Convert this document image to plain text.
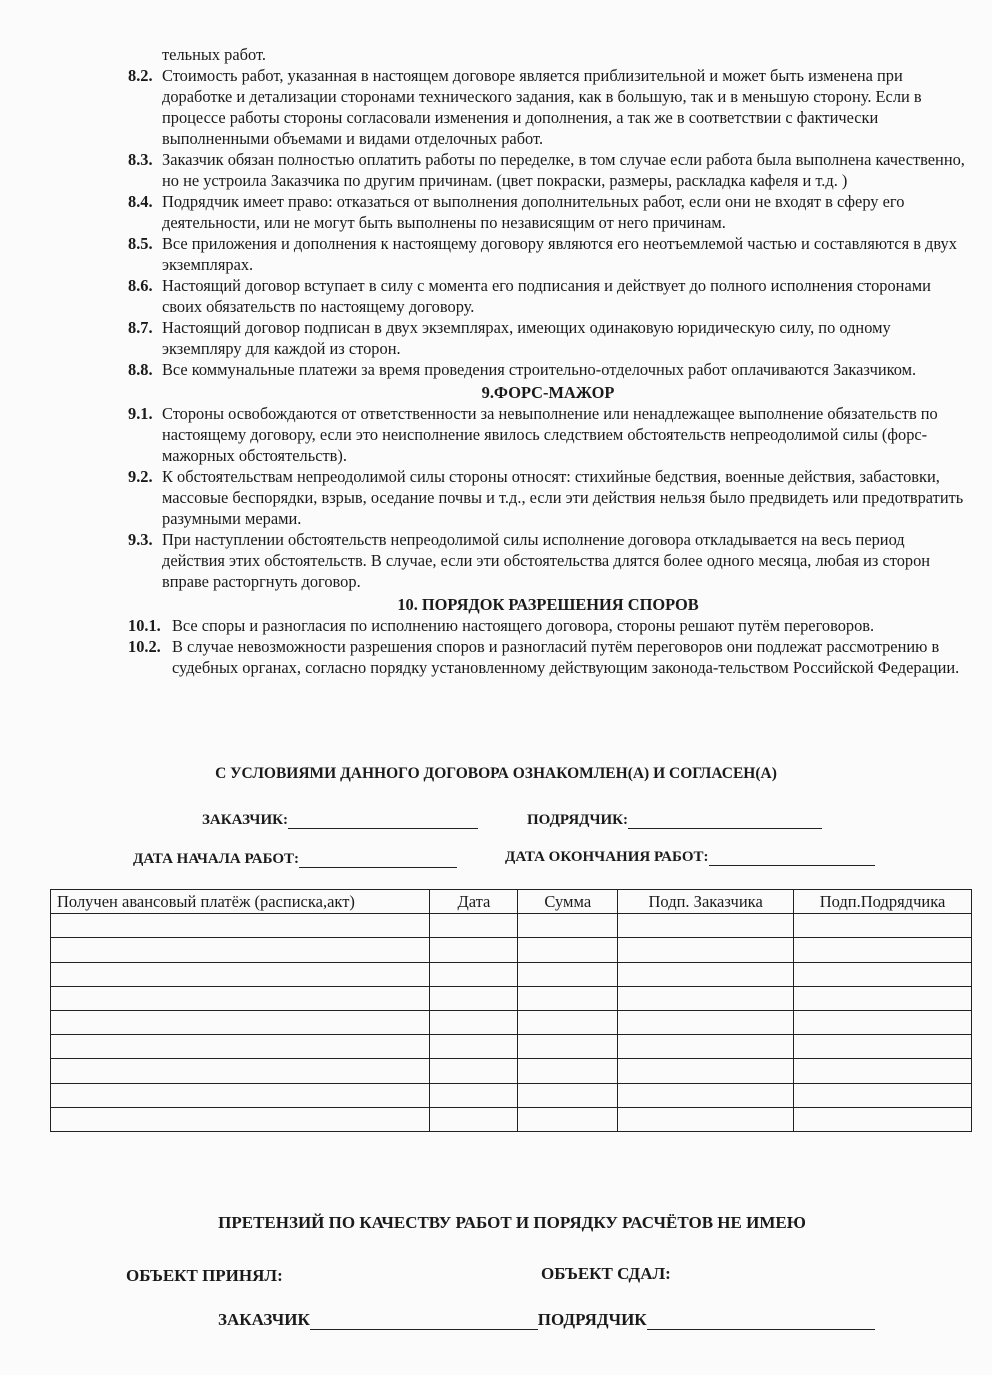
тельных работ.
8.2. Стоимость работ, указанная в настоящем договоре является приблизительной и может быть изменена при доработке и детализации сторонами технического задания, как в большую, так и в меньшую сторону. Если в процессе работы стороны согласовали изменения и дополнения, а так же в соответствии с фактически выполненными объемами и видами отделочных работ.
8.3. Заказчик обязан полностью оплатить работы по переделке, в том случае если работа была выполнена качественно, но не устроила Заказчика по другим причинам. (цвет покраски, размеры, раскладка кафеля и т.д. )
8.4. Подрядчик имеет право: отказаться от выполнения дополнительных работ, если они не входят в сферу его деятельности, или не могут быть выполнены по независящим от него причинам.
8.5. Все приложения и дополнения к настоящему договору являются его неотъемлемой частью и составляются в двух экземплярах.
8.6. Настоящий договор вступает в силу с момента его подписания и действует до полного исполнения сторонами своих обязательств по настоящему договору.
8.7. Настоящий договор подписан в двух экземплярах, имеющих одинаковую юридическую силу, по одному экземпляру для каждой из сторон.
8.8. Все коммунальные платежи за время проведения строительно-отделочных работ оплачиваются Заказчиком.
9.ФОРС-МАЖОР
9.1. Стороны освобождаются от ответственности за невыполнение или ненадлежащее выполнение обязательств по настоящему договору, если это неисполнение явилось следствием обстоятельств непреодолимой силы (форс-мажорных обстоятельств).
9.2. К обстоятельствам непреодолимой силы стороны относят: стихийные бедствия, военные действия, забастовки, массовые беспорядки, взрыв, оседание почвы и т.д., если эти действия нельзя было предвидеть или предотвратить разумными мерами.
9.3. При наступлении обстоятельств непреодолимой силы исполнение договора откладывается на весь период действия этих обстоятельств. В случае, если эти обстоятельства длятся более одного месяца, любая из сторон вправе расторгнуть договор.
10. ПОРЯДОК РАЗРЕШЕНИЯ СПОРОВ
10.1. Все споры и разногласия по исполнению настоящего договора, стороны решают путём переговоров.
10.2. В случае невозможности разрешения споров и разногласий путём переговоров они подлежат рассмотрению в судебных органах, согласно порядку установленному действующим законода-тельством Российской Федерации.
С УСЛОВИЯМИ ДАННОГО ДОГОВОРА ОЗНАКОМЛЕН(А) И СОГЛАСЕН(А)
ЗАКАЗЧИК:	ПОДРЯДЧИК:
ДАТА НАЧАЛА РАБОТ:	ДАТА ОКОНЧАНИЯ РАБОТ:
Получен авансовый платёж (расписка,акт)	Дата	Сумма	Подп. Заказчика	Подп.Подрядчика

ПРЕТЕНЗИЙ ПО КАЧЕСТВУ РАБОТ И ПОРЯДКУ РАСЧЁТОВ НЕ ИМЕЮ
ОБЪЕКТ ПРИНЯЛ:	ОБЪЕКТ СДАЛ:
ЗАКАЗЧИК	ПОДРЯДЧИК
